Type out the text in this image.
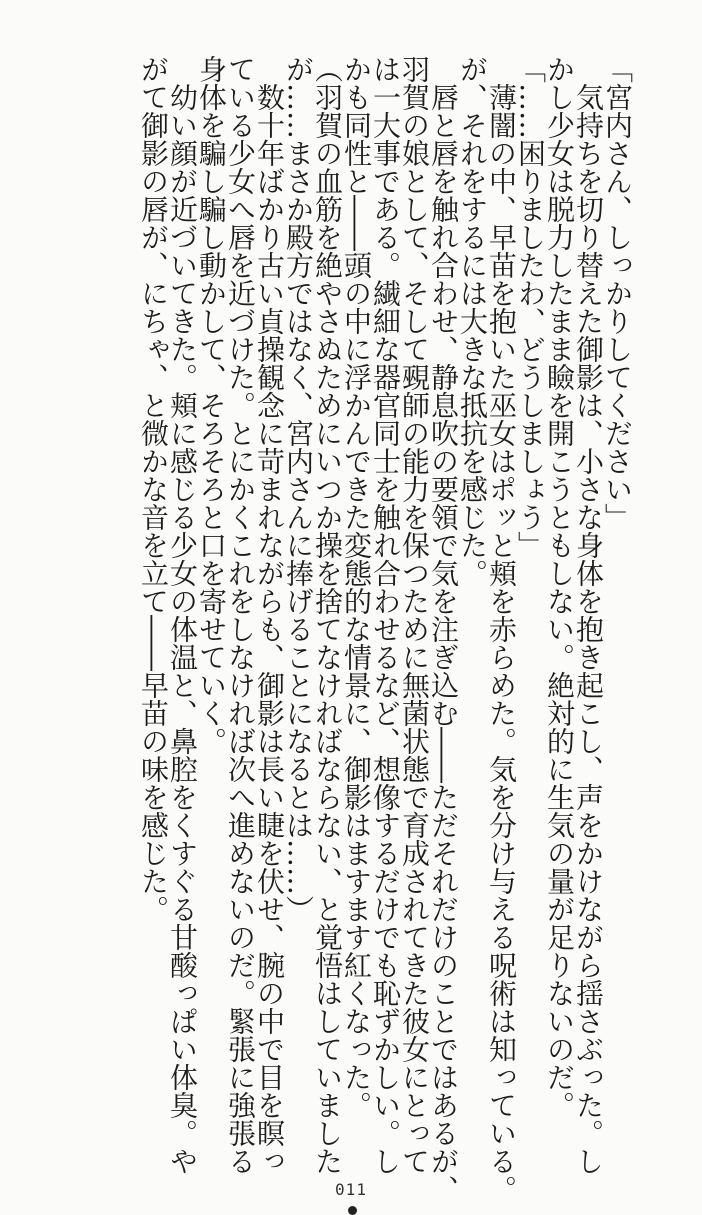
「宮内さん、しっかりしてください」

　気持ちを切り替えた御影は、小さな身体を抱き起こし、声をかけながら揺さぶった。し

かし少女は脱力したまま瞼を開こうともしない。絶対的に生気の量が足りないのだ。

「……困りましたわ、どうしましょう」

　薄闇の中、早苗を抱いた巫女はポッと頬を赤らめた。気を分け与える呪術は知っている。

が、それをするには大きな抵抗を感じた。

　唇と唇を触れ合わせ、静息吹の要領で気を注ぎ込む――ただそれだけのことではあるが、

羽賀の娘として、そして覡師の能力を保つために無菌状態で育成されてきた彼女にとって

は一大事である。繊細な器官同士を触れ合わせるなど、想像するだけでも恥ずかしい。し

かも同性と――頭の中に浮かんできた変態的な情景に、御影はますます紅くなった。

（羽賀の血筋を絶やさぬためにいつか操を捨てなければならない、と覚悟はしていました

が……まさか殿方ではなく、宮内さんに捧げることになるとは……）

　数十年ばかり古い貞操観念に苛まれながらも、御影は長い睫を伏せ、腕の中で目を瞑っ

ている少女へ唇を近づけた。とにかくこれをしなければ次へ進めないのだ。緊張に強張る

身体を騙し騙し動かして、そろそろと口を寄せていく。

　幼い顔が近づいてきた。頬に感じる少女の体温と、鼻腔をくすぐる甘酸っぱい体臭。や

がて御影の唇が、にちゃ、と微かな音を立て――早苗の味を感じた。

011
